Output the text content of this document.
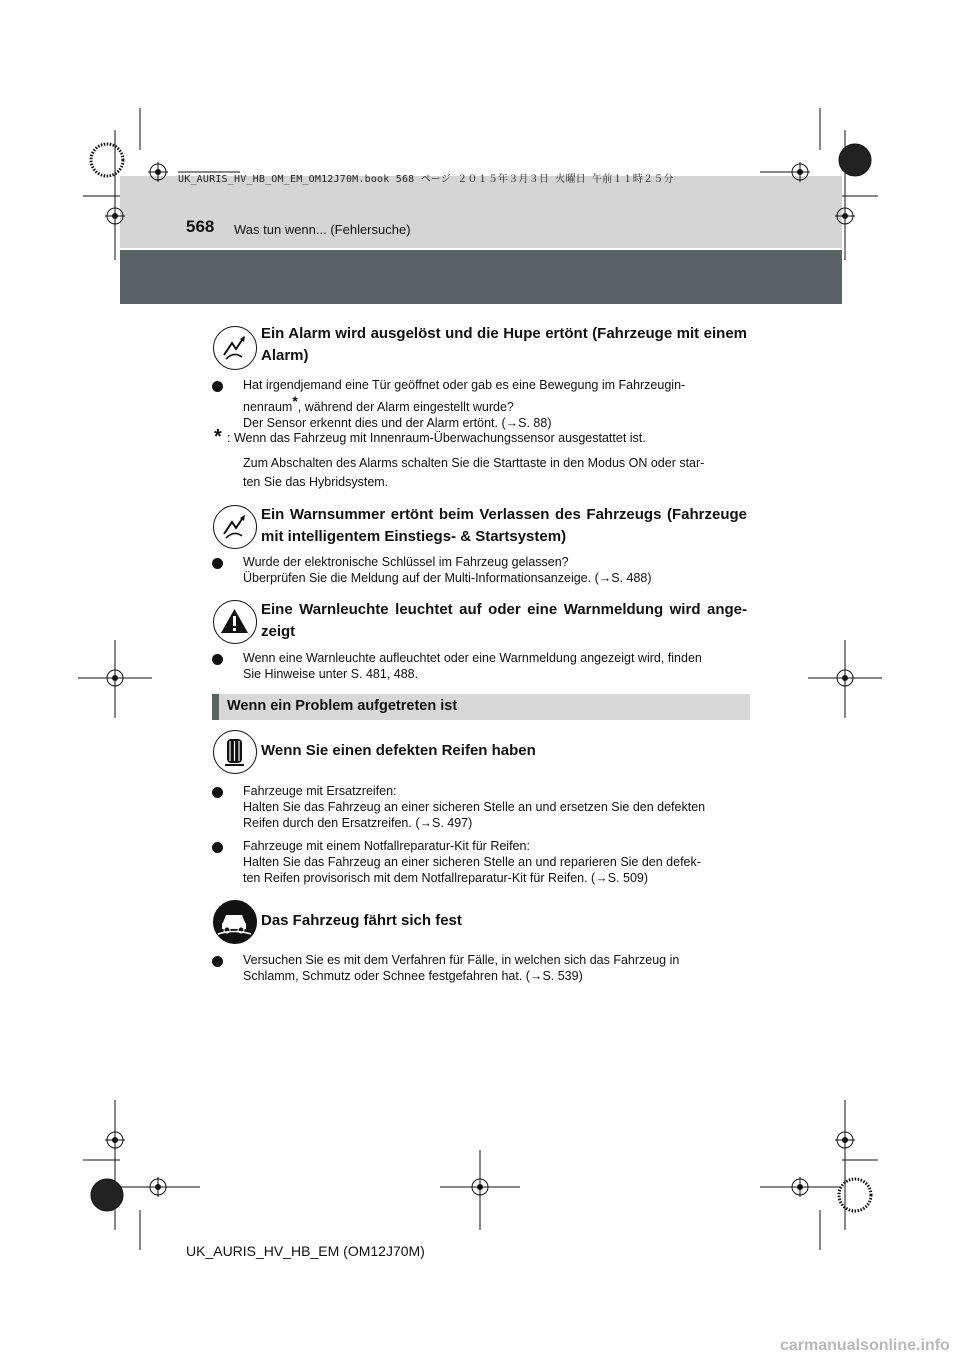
UK_AURIS_HV_HB_OM_EM_OM12J70M.book 568 ページ ２０１５年３月３日 火曜日 午前１１時２５分
568 Was tun wenn... (Fehlersuche)
Ein Alarm wird ausgelöst und die Hupe ertönt (Fahrzeuge mit einem Alarm)
Hat irgendjemand eine Tür geöffnet oder gab es eine Bewegung im Fahrzeugin-
nenraum*, während der Alarm eingestellt wurde?
Der Sensor erkennt dies und der Alarm ertönt. (→S. 88)
* : Wenn das Fahrzeug mit Innenraum-Überwachungssensor ausgestattet ist.
Zum Abschalten des Alarms schalten Sie die Starttaste in den Modus ON oder star-
ten Sie das Hybridsystem.
Ein Warnsummer ertönt beim Verlassen des Fahrzeugs (Fahrzeuge mit intelligentem Einstiegs- & Startsystem)
Wurde der elektronische Schlüssel im Fahrzeug gelassen?
Überprüfen Sie die Meldung auf der Multi-Informationsanzeige. (→S. 488)
Eine Warnleuchte leuchtet auf oder eine Warnmeldung wird ange-zeigt
Wenn eine Warnleuchte aufleuchtet oder eine Warnmeldung angezeigt wird, finden
Sie Hinweise unter S. 481, 488.
Wenn ein Problem aufgetreten ist
Wenn Sie einen defekten Reifen haben
Fahrzeuge mit Ersatzreifen:
Halten Sie das Fahrzeug an einer sicheren Stelle an und ersetzen Sie den defekten
Reifen durch den Ersatzreifen. (→S. 497)
Fahrzeuge mit einem Notfallreparatur-Kit für Reifen:
Halten Sie das Fahrzeug an einer sicheren Stelle an und reparieren Sie den defek-
ten Reifen provisorisch mit dem Notfallreparatur-Kit für Reifen. (→S. 509)
Das Fahrzeug fährt sich fest
Versuchen Sie es mit dem Verfahren für Fälle, in welchen sich das Fahrzeug in
Schlamm, Schmutz oder Schnee festgefahren hat. (→S. 539)
UK_AURIS_HV_HB_EM (OM12J70M)
carmanualsonline.info
